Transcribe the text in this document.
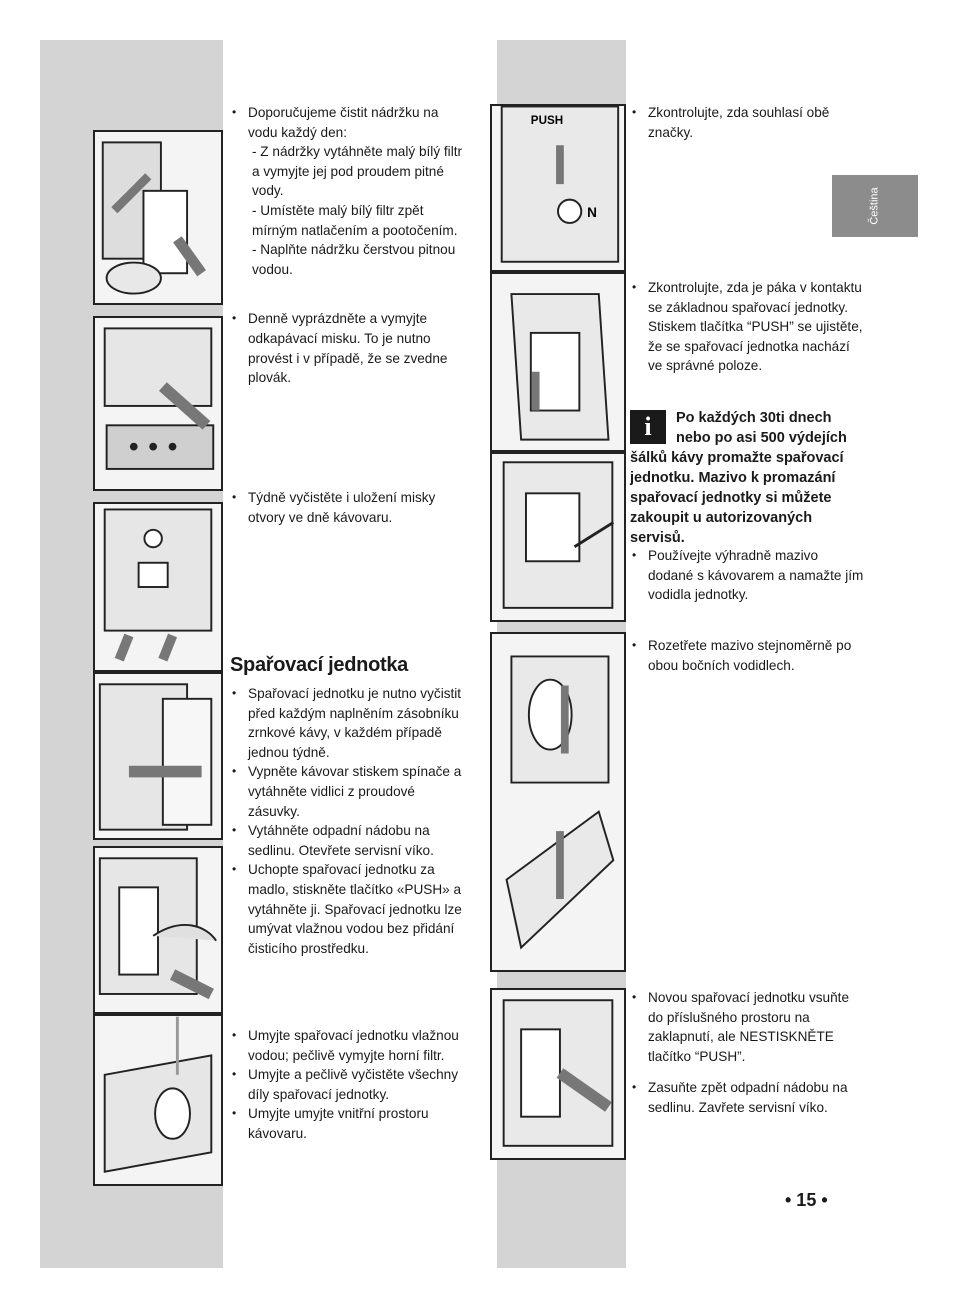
Čeština
PUSH
N
• Doporučujeme čistit nádržku na vodu každý den:
- Z nádržky vytáhněte malý bílý filtr a vymyjte jej pod proudem pitné vody.
- Umístěte malý bílý filtr zpět mírným natlačením a pootočením.
- Naplňte nádržku čerstvou pitnou vodou.
• Denně vyprázdněte a vymyjte odkapávací misku. To je nutno provést i v případě, že se zvedne plovák.
• Týdně vyčistěte i uložení misky otvory ve dně kávovaru.
Spařovací jednotka
• Spařovací jednotku je nutno vyčistit před každým naplněním zásobníku zrnkové kávy, v každém případě jednou týdně.
• Vypněte kávovar stiskem spínače a vytáhněte vidlici z proudové zásuvky.
• Vytáhněte odpadní nádobu na sedlinu. Otevřete servisní víko.
• Uchopte spařovací jednotku za madlo, stiskněte tlačítko «PUSH» a vytáhněte ji. Spařovací jednotku lze umývat vlažnou vodou bez přidání čisticího prostředku.
• Umyjte spařovací jednotku vlažnou vodou; pečlivě vymyjte horní filtr.
• Umyjte a pečlivě vyčistěte všechny díly spařovací jednotky.
• Umyjte umyjte vnitřní prostoru kávovaru.
• Zkontrolujte, zda souhlasí obě značky.
• Zkontrolujte, zda je páka v kontaktu se základnou spařovací jednotky. Stiskem tlačítka “PUSH” se ujistěte, že se spařovací jednotka nachází ve správné poloze.
i	Po každých 30ti dnech nebo po asi 500 výdejích šálků kávy promažte spařovací jednotku. Mazivo k promazání spařovací jednotky si můžete zakoupit u autorizovaných servisů.
• Používejte výhradně mazivo dodané s kávovarem a namažte jím vodidla jednotky.
• Rozetřete mazivo stejnoměrně po obou bočních vodidlech.
• Novou spařovací jednotku vsuňte do příslušného prostoru na zaklapnutí, ale NESTISKNĚTE tlačítko “PUSH”.
• Zasuňte zpět odpadní nádobu na sedlinu. Zavřete servisní víko.
• 15 •
